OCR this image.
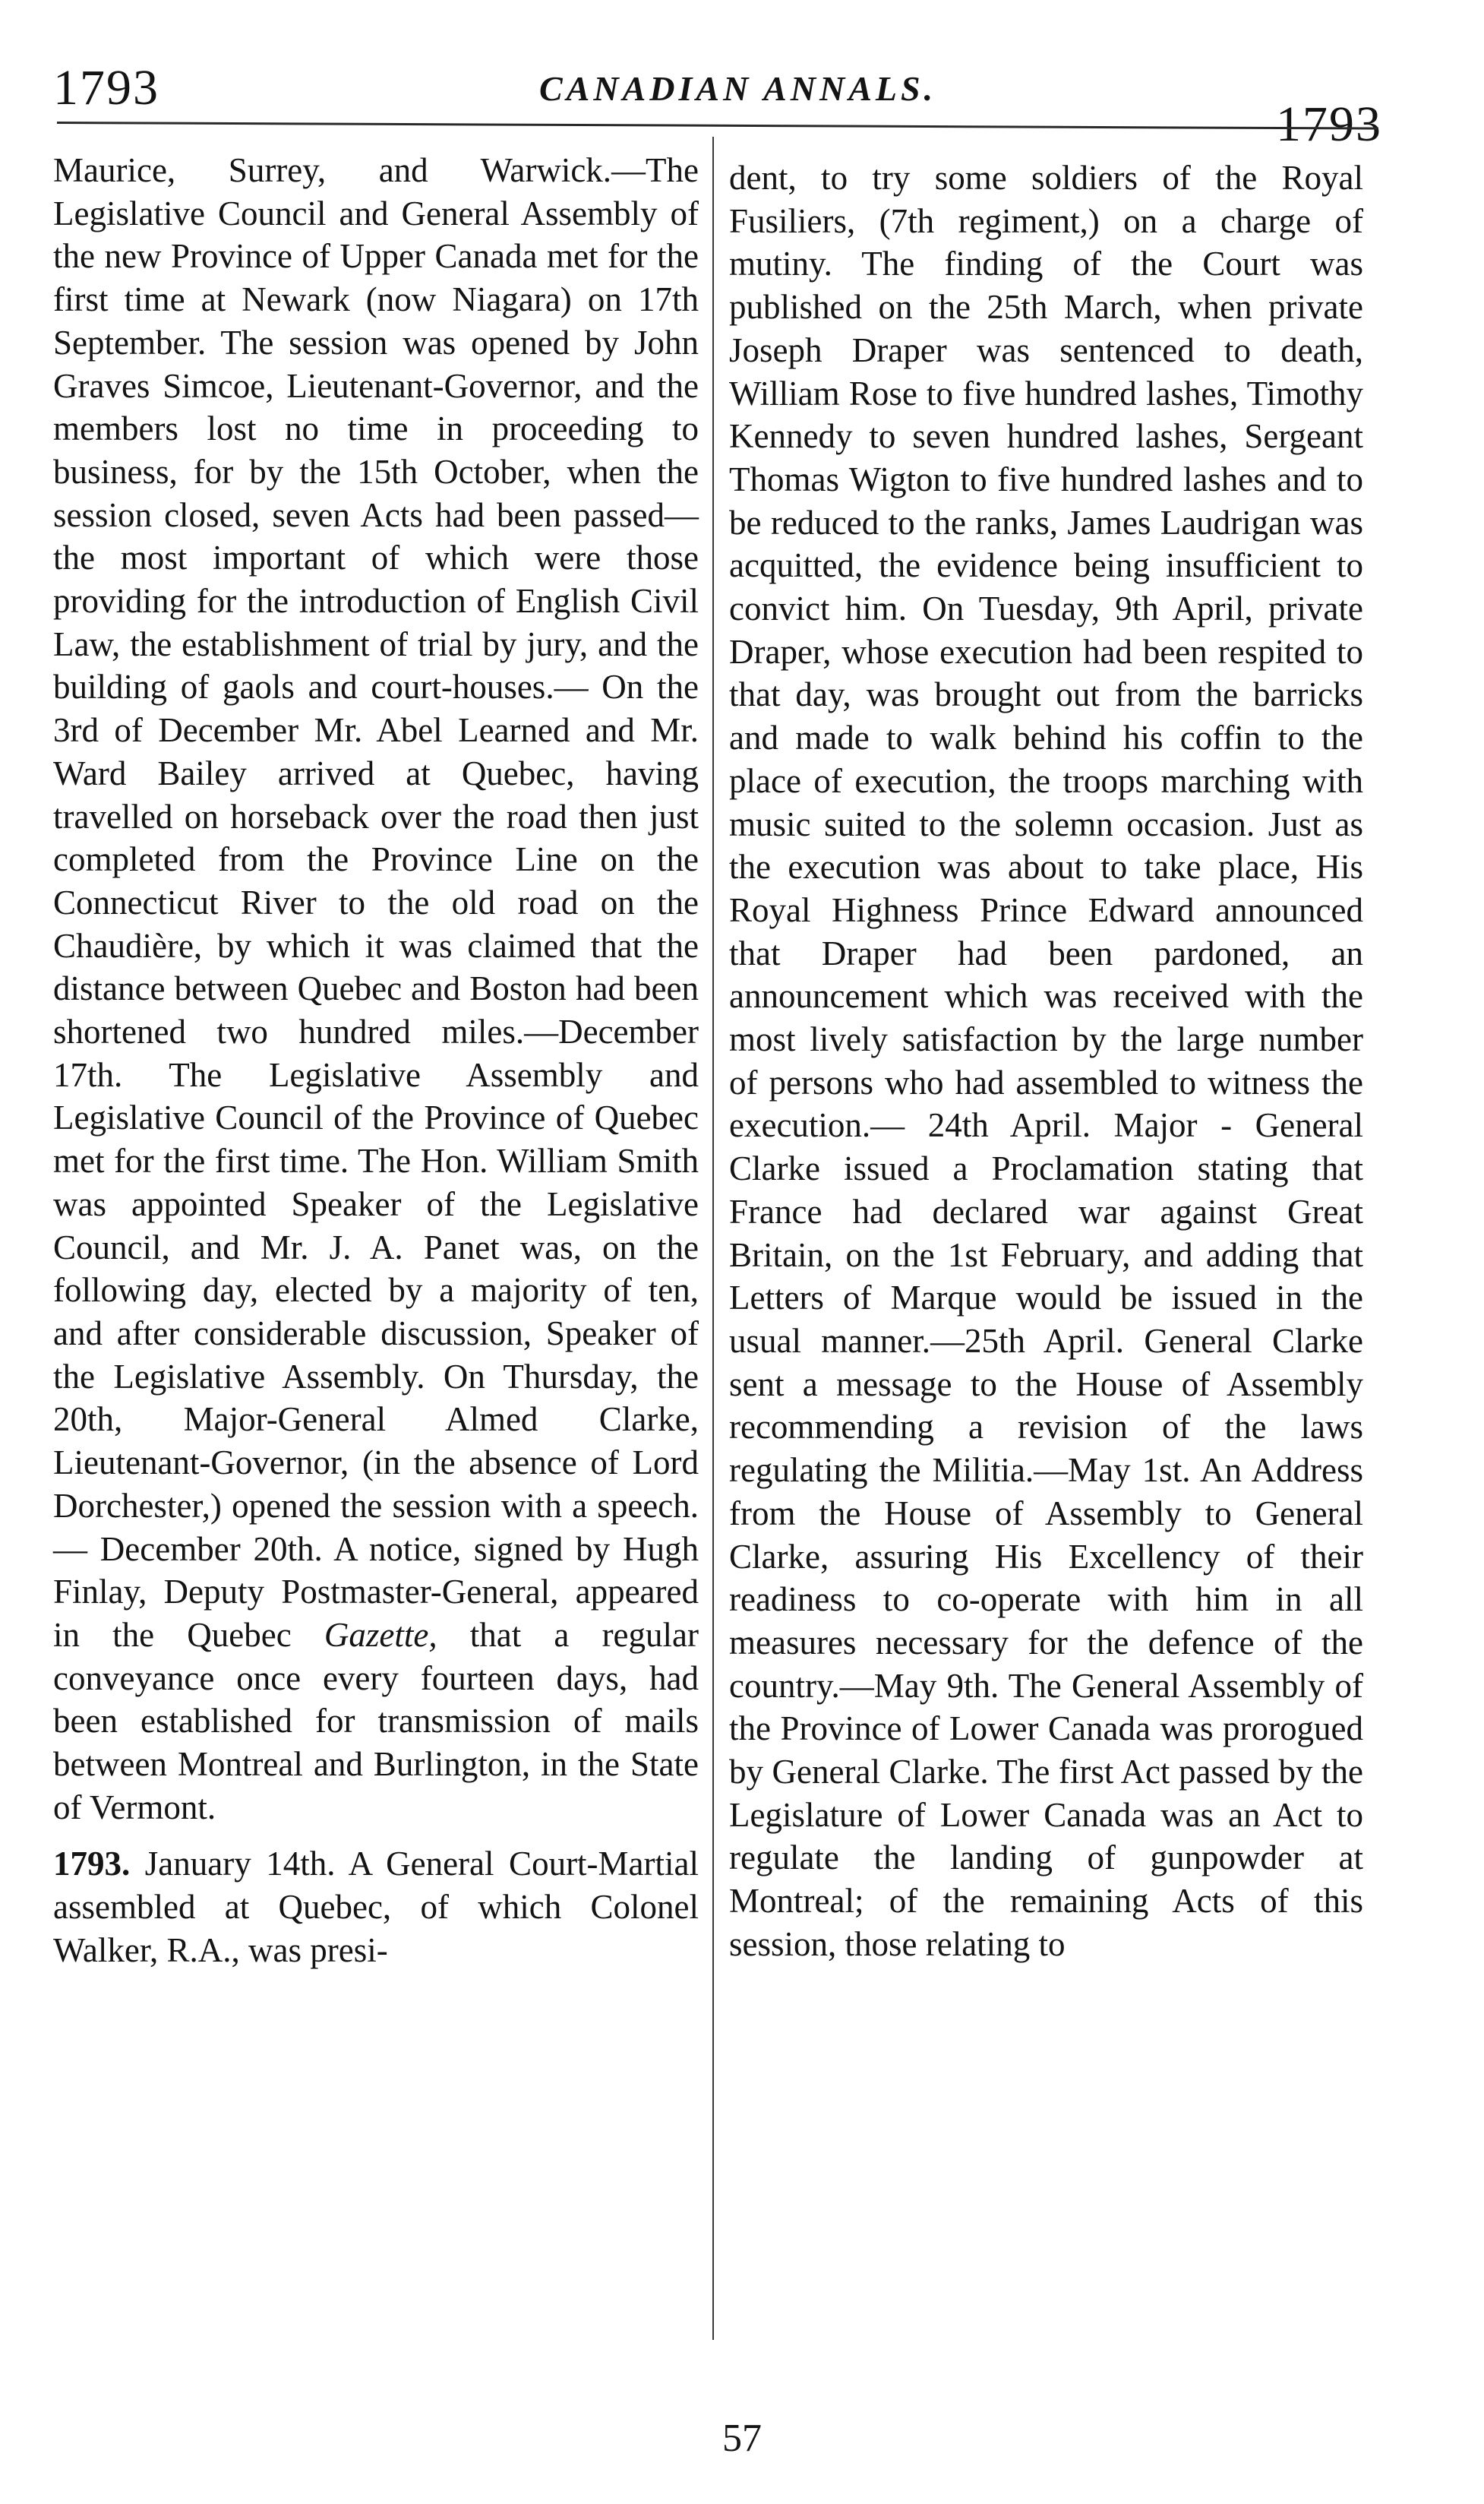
1793	CANADIAN ANNALS.
1793

Maurice, Surrey, and Warwick.—The Legislative Council and General Assembly of the new Province of Upper Canada met for the first time at Newark (now Niagara) on 17th September. The session was opened by John Graves Simcoe, Lieutenant-Governor, and the members lost no time in proceeding to business, for by the 15th October, when the session closed, seven Acts had been passed—the most important of which were those providing for the introduction of English Civil Law, the establishment of trial by jury, and the building of gaols and court-houses.— On the 3rd of December Mr. Abel Learned and Mr. Ward Bailey arrived at Quebec, having travelled on horseback over the road then just completed from the Province Line on the Connecticut River to the old road on the Chaudière, by which it was claimed that the distance between Quebec and Boston had been shortened two hundred miles.—December 17th. The Legislative Assembly and Legislative Council of the Province of Quebec met for the first time. The Hon. William Smith was appointed Speaker of the Legislative Council, and Mr. J. A. Panet was, on the following day, elected by a majority of ten, and after considerable discussion, Speaker of the Legislative Assembly. On Thursday, the 20th, Major-General Almed Clarke, Lieutenant-Governor, (in the absence of Lord Dorchester,) opened the session with a speech.— December 20th. A notice, signed by Hugh Finlay, Deputy Postmaster-General, appeared in the Quebec Gazette, that a regular conveyance once every fourteen days, had been established for transmission of mails between Montreal and Burlington, in the State of Vermont.

1793. January 14th. A General Court-Martial assembled at Quebec, of which Colonel Walker, R.A., was presi-

dent, to try some soldiers of the Royal Fusiliers, (7th regiment,) on a charge of mutiny. The finding of the Court was published on the 25th March, when private Joseph Draper was sentenced to death, William Rose to five hundred lashes, Timothy Kennedy to seven hundred lashes, Sergeant Thomas Wigton to five hundred lashes and to be reduced to the ranks, James Laudrigan was acquitted, the evidence being insufficient to convict him. On Tuesday, 9th April, private Draper, whose execution had been respited to that day, was brought out from the barricks and made to walk behind his coffin to the place of execution, the troops marching with music suited to the solemn occasion. Just as the execution was about to take place, His Royal Highness Prince Edward announced that Draper had been pardoned, an announcement which was received with the most lively satisfaction by the large number of persons who had assembled to witness the execution.— 24th April. Major - General Clarke issued a Proclamation stating that France had declared war against Great Britain, on the 1st February, and adding that Letters of Marque would be issued in the usual manner.—25th April. General Clarke sent a message to the House of Assembly recommending a revision of the laws regulating the Militia.—May 1st. An Address from the House of Assembly to General Clarke, assuring His Excellency of their readiness to co-operate with him in all measures necessary for the defence of the country.—May 9th. The General Assembly of the Province of Lower Canada was prorogued by General Clarke. The first Act passed by the Legislature of Lower Canada was an Act to regulate the landing of gunpowder at Montreal; of the remaining Acts of this session, those relating to

57
